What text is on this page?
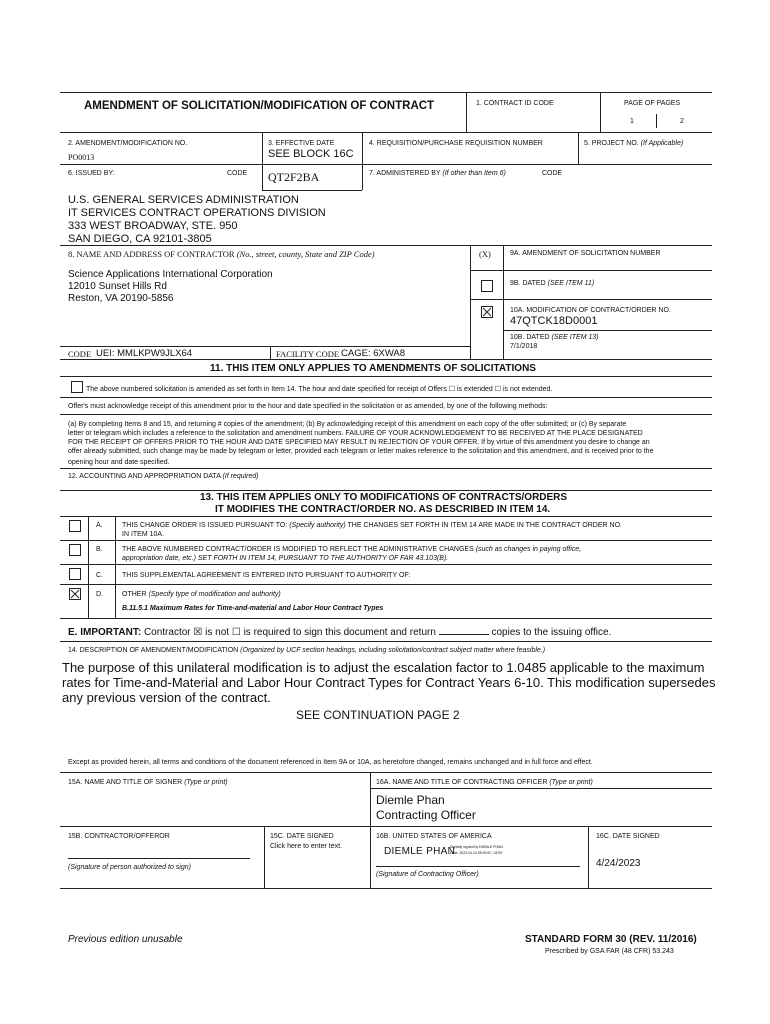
AMENDMENT OF SOLICITATION/MODIFICATION OF CONTRACT	1. CONTRACT ID CODE	PAGE OF PAGES
1	2
2. AMENDMENT/MODIFICATION NO.
PO0013
3. EFFECTIVE DATE
SEE BLOCK 16C
4. REQUISITION/PURCHASE REQUISITION NUMBER	5. PROJECT NO. (If Applicable)
6. ISSUED BY:	CODE QT2F2BA	7. ADMINISTERED BY (If other than Item 6)	CODE
U.S. GENERAL SERVICES ADMINISTRATION
IT SERVICES CONTRACT OPERATIONS DIVISION
333 WEST BROADWAY, STE. 950
SAN DIEGO, CA 92101-3805
8. NAME AND ADDRESS OF CONTRACTOR (No., street, county, State and ZIP Code)	(X)	9A. AMENDMENT OF SOLICITATION NUMBER
Science Applications International Corporation
12010 Sunset Hills Rd
Reston, VA 20190-5856
9B. DATED (SEE ITEM 11)
10A. MODIFICATION OF CONTRACT/ORDER NO.
47QTCK18D0001
10B. DATED (SEE ITEM 13)
7/1/2018
CODE UEI: MMLKPW9JLX64	FACILITY CODE CAGE: 6XWA8
11. THIS ITEM ONLY APPLIES TO AMENDMENTS OF SOLICITATIONS
The above numbered solicitation is amended as set forth in Item 14. The hour and date specified for receipt of Offers ☐ is extended ☐ is not extended.
Offer's must acknowledge receipt of this amendment prior to the hour and date specified in the solicitation or as amended, by one of the following methods:
(a) By completing Items 8 and 15, and returning # copies of the amendment; (b) By acknowledging receipt of this amendment on each copy of the offer submitted; or (c) By separate
letter or telegram which includes a reference to the solicitation and amendment numbers. FAILURE OF YOUR ACKNOWLEDGEMENT TO BE RECEIVED AT THE PLACE DESIGNATED
FOR THE RECEIPT OF OFFERS PRIOR TO THE HOUR AND DATE SPECIFIED MAY RESULT IN REJECTION OF YOUR OFFER. If by virtue of this amendment you desire to change an
offer already submitted, such change may be made by telegram or letter, provided each telegram or letter makes reference to the solicitation and this amendment, and is received prior to the
opening hour and date specified.
12. ACCOUNTING AND APPROPRIATION DATA (If required)
13. THIS ITEM APPLIES ONLY TO MODIFICATIONS OF CONTRACTS/ORDERS
IT MODIFIES THE CONTRACT/ORDER NO. AS DESCRIBED IN ITEM 14.
A.	THIS CHANGE ORDER IS ISSUED PURSUANT TO: (Specify authority) THE CHANGES SET FORTH IN ITEM 14 ARE MADE IN THE CONTRACT ORDER NO.
IN ITEM 10A.
B.	THE ABOVE NUMBERED CONTRACT/ORDER IS MODIFIED TO REFLECT THE ADMINISTRATIVE CHANGES (such as changes in paying office,
appropriation date, etc.) SET FORTH IN ITEM 14, PURSUANT TO THE AUTHORITY OF FAR 43.103(B).
C.	THIS SUPPLEMENTAL AGREEMENT IS ENTERED INTO PURSUANT TO AUTHORITY OF:
D.	OTHER (Specify type of modification and authority)
B.11.5.1 Maximum Rates for Time-and-material and Labor Hour Contract Types
E. IMPORTANT: Contractor ☒ is not ☐ is required to sign this document and return	copies to the issuing office.
14. DESCRIPTION OF AMENDMENT/MODIFICATION (Organized by UCF section headings, including solicitation/contract subject matter where feasible.)
The purpose of this unilateral modification is to adjust the escalation factor to 1.0485 applicable to the maximum
rates for Time-and-Material and Labor Hour Contract Types for Contract Years 6-10. This modification supersedes
any previous version of the contract.
SEE CONTINUATION PAGE 2
Except as provided herein, all terms and conditions of the document referenced in Item 9A or 10A, as heretofore changed, remains unchanged and in full force and effect.
15A. NAME AND TITLE OF SIGNER (Type or print)	16A. NAME AND TITLE OF CONTRACTING OFFICER (Type or print)
Diemle Phan
Contracting Officer
15B. CONTRACTOR/OFFEROR
(Signature of person authorized to sign)
15C. DATE SIGNED
Click here to enter text.
16B. UNITED STATES OF AMERICA
DIEMLE PHAN
Digitally signed by DIEMLE PHAN
Date: 2023.04.24 08:00:57 -04'00'
(Signature of Contracting Officer)
16C. DATE SIGNED
4/24/2023
Previous edition unusable	STANDARD FORM 30 (REV. 11/2016)
Prescribed by GSA FAR (48 CFR) 53.243
